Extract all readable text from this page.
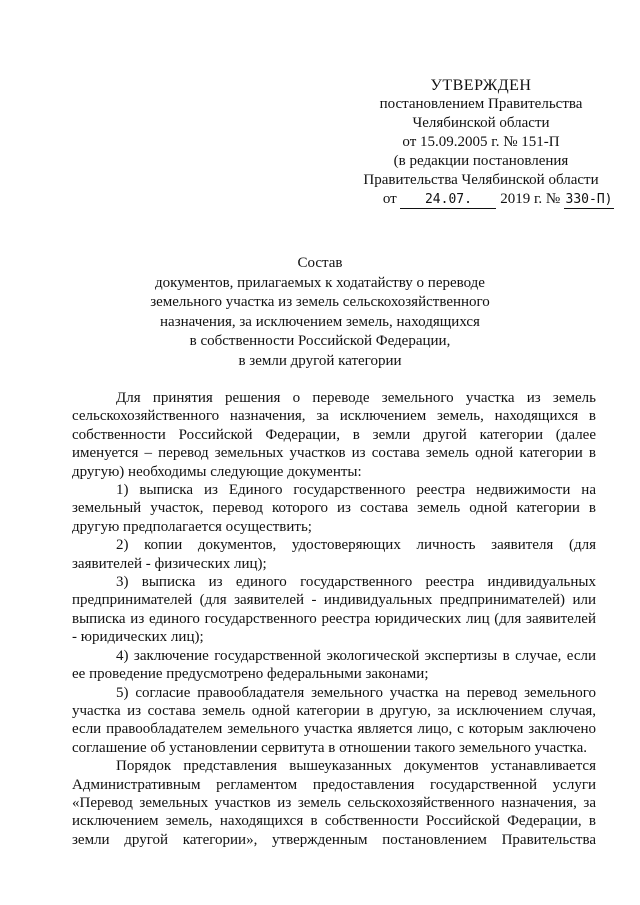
УТВЕРЖДЕН
постановлением Правительства
Челябинской области
от 15.09.2005 г. № 151-П
(в редакции постановления
Правительства Челябинской области
от 24.07. 2019 г. № 330-П)
Состав
документов, прилагаемых к ходатайству о переводе
земельного участка из земель сельскохозяйственного
назначения, за исключением земель, находящихся
в собственности Российской Федерации,
в земли другой категории

Для принятия решения о переводе земельного участка из земель сельскохозяйственного назначения, за исключением земель, находящихся в собственности Российской Федерации, в земли другой категории (далее именуется – перевод земельных участков из состава земель одной категории в другую) необходимы следующие документы:

1) выписка из Единого государственного реестра недвижимости на земельный участок, перевод которого из состава земель одной категории в другую предполагается осуществить;

2) копии документов, удостоверяющих личность заявителя (для заявителей - физических лиц);

3) выписка из единого государственного реестра индивидуальных предпринимателей (для заявителей - индивидуальных предпринимателей) или выписка из единого государственного реестра юридических лиц (для заявителей - юридических лиц);

4) заключение государственной экологической экспертизы в случае, если ее проведение предусмотрено федеральными законами;

5) согласие правообладателя земельного участка на перевод земельного участка из состава земель одной категории в другую, за исключением случая, если правообладателем земельного участка является лицо, с которым заключено соглашение об установлении сервитута в отношении такого земельного участка.

Порядок представления вышеуказанных документов устанавливается Административным регламентом предоставления государственной услуги «Перевод земельных участков из земель сельскохозяйственного назначения, за исключением земель, находящихся в собственности Российской Федерации, в земли другой категории», утвержденным постановлением Правительства
